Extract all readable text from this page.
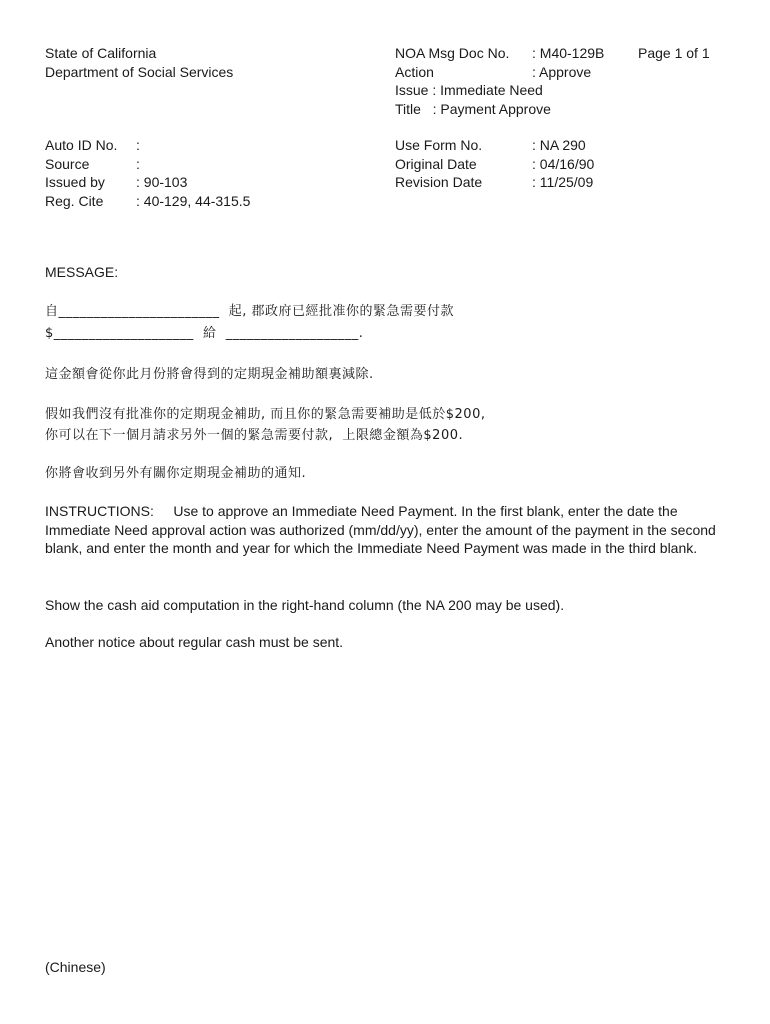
State of California
Department of Social Services
NOA Msg Doc No.	: M40-129B
Action	: Approve
Issue : Immediate Need
Title   : Payment Approve
Page 1 of 1
Auto ID No.	:
Source	:
Issued by	: 90-103
Reg. Cite	: 40-129, 44-315.5
Use Form No.	: NA 290
Original Date	: 04/16/90
Revision Date	: 11/25/09
MESSAGE:
自_______________________  起, 郡政府已經批准你的緊急需要付款
$____________________  給  ___________________.
這金額會從你此月份將會得到的定期現金補助額裏減除.
假如我們沒有批准你的定期現金補助, 而且你的緊急需要補助是低於$200,
你可以在下一個月請求另外一個的緊急需要付款,  上限總金額為$200.
你將會收到另外有關你定期現金補助的通知.
INSTRUCTIONS: Use to approve an Immediate Need Payment. In the first blank, enter the date the Immediate Need approval action was authorized (mm/dd/yy), enter the amount of the payment in the second blank, and enter the month and year for which the Immediate Need Payment was made in the third blank.
Show the cash aid computation in the right-hand column (the NA 200 may be used).
Another notice about regular cash must be sent.
(Chinese)
